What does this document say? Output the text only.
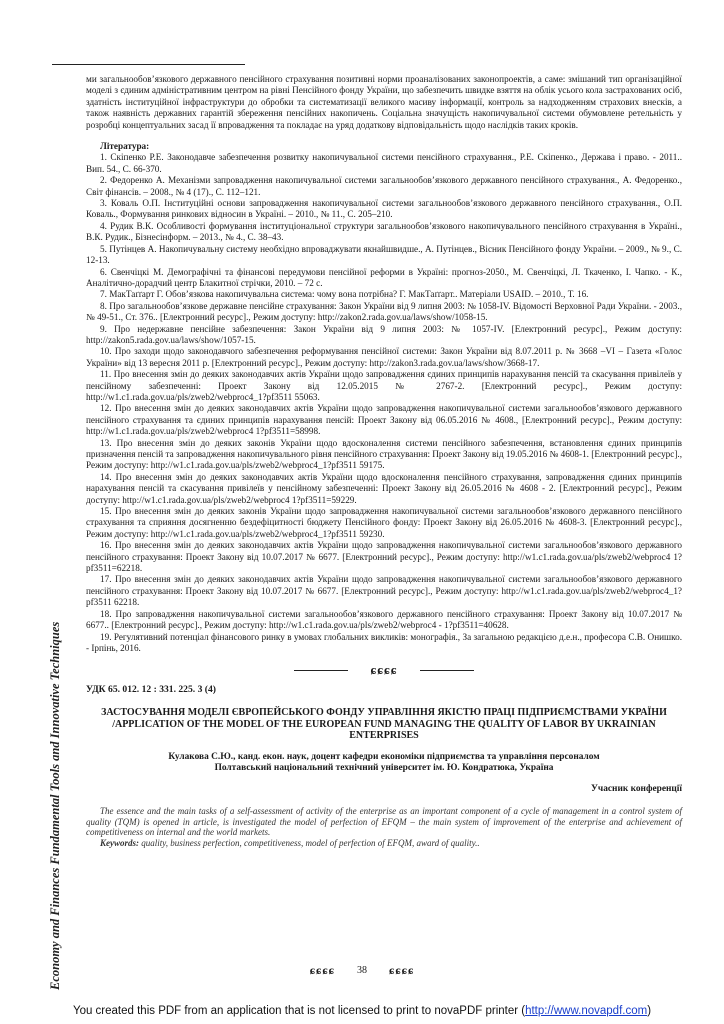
Economy and Finances Fundamental Tools and Innovative Techniques

ми загальнообов’язкового державного пенсійного страхування позитивні норми проаналізованих законопроектів, а саме: змішаний тип організаційної моделі з єдиним адміністративним центром на рівні Пенсійного фонду України, що забезпечить швидке взяття на облік усього кола застрахованих осіб, здатність інституційної інфраструктури до обробки та систематизації великого масиву інформації, контроль за надходженням страхових внесків, а також наявність державних гарантій збереження пенсійних накопичень. Соціальна значущість накопичувальної системи обумовлене ретельність у розробці концептуальних засад її впровадження та покладає на уряд додаткову відповідальність щодо наслідків таких кроків.

Література:

1. Скіпенко Р.Е. Законодавче забезпечення розвитку накопичувальної системи пенсійного страхування., Р.Е. Скіпенко., Держава і право. - 2011.. Вип. 54., С. 66-370.
2. Федоренко А. Механізми запровадження накопичувальної системи загальнообов’язкового державного пенсійного страхування., А. Федоренко., Світ фінансів. – 2008., № 4 (17)., С. 112–121.
3. Коваль О.П. Інституційні основи запровадження накопичувальної системи загальнообов’язкового державного пенсійного страхування., О.П. Коваль., Формування ринкових відносин в Україні. – 2010., № 11., С. 205–210.
4. Рудик В.К. Особливості формування інституціональної структури загальнообов’язкового накопичувального пенсійного страхування в Україні., В.К. Рудик., Бізнесінформ. – 2013., № 4., С. 38–43.
5. Путінцев А. Накопичувальну систему необхідно впроваджувати якнайшвидше., А. Путінцев., Вісник Пенсійного фонду України. – 2009., № 9., С. 12-13.
6. Свенчіцкі М. Демографічні та фінансові передумови пенсійної реформи в Україні: прогноз-2050., М. Свенчіцкі, Л. Ткаченко, І. Чапко. - К., Аналітично-дорадчий центр Блакитної стрічки, 2010. – 72 с.
7. МакТаґґарт Г. Обов’язкова накопичувальна система: чому вона потрібна? Г. МакТаґґарт.. Матеріали USAID. – 2010., Т. 16.
8. Про загальнообов’язкове державне пенсійне страхування: Закон України від 9 липня 2003: № 1058-IV. Відомості Верховної Ради України. - 2003., № 49-51., Ст. 376.. [Електронний ресурс]., Режим доступу: http://zakon2.rada.gov.ua/laws/show/1058-15.
9. Про недержавне пенсійне забезпечення: Закон України від 9 липня 2003: № 1057-IV. [Електронний ресурс]., Режим доступу: http://zakon5.rada.gov.ua/laws/show/1057-15.
10. Про заходи щодо законодавчого забезпечення реформування пенсійної системи: Закон України від 8.07.2011 р. № 3668 –VI – Газета «Голос України» від 13 вересня 2011 р. [Електронний ресурс]., Режим доступу: http://zakon3.rada.gov.ua/laws/show/3668-17.
11. Про внесення змін до деяких законодавчих актів України щодо запровадження єдиних принципів нарахування пенсій та скасування привілеїв у пенсійному забезпеченні: Проект Закону від 12.05.2015 № 2767-2. [Електронний ресурс]., Режим доступу: http://w1.c1.rada.gov.ua/pls/zweb2/webproc4_1?pf3511 55063.
12. Про внесення змін до деяких законодавчих актів України щодо запровадження накопичувальної системи загальнообов’язкового державного пенсійного страхування та єдиних принципів нарахування пенсій: Проект Закону від 06.05.2016 № 4608., [Електронний ресурс]., Режим доступу: http://w1.c1.rada.gov.ua/pls/zweb2/webproc4 1?pf3511=58998.
13. Про внесення змін до деяких законів України щодо вдосконалення системи пенсійного забезпечення, встановлення єдиних принципів призначення пенсій та запровадження накопичувального рівня пенсійного страхування: Проект Закону від 19.05.2016 № 4608-1. [Електронний ресурс]., Режим доступу: http://w1.c1.rada.gov.ua/pls/zweb2/webproc4_1?pf3511 59175.
14. Про внесення змін до деяких законодавчих актів України щодо вдосконалення пенсійного страхування, запровадження єдиних принципів нарахування пенсій та скасування привілеїв у пенсійному забезпеченні: Проект Закону від 26.05.2016 № 4608 - 2. [Електронний ресурс]., Режим доступу: http://w1.c1.rada.gov.ua/pls/zweb2/webproc4 1?pf3511=59229.
15. Про внесення змін до деяких законів України щодо запровадження накопичувальної системи загальнообов’язкового державного пенсійного страхування та сприяння досягненню бездефіцитності бюджету Пенсійного фонду: Проект Закону від 26.05.2016 № 4608-3. [Електронний ресурс]., Режим доступу: http://w1.c1.rada.gov.ua/pls/zweb2/webproc4_1?pf3511 59230.
16. Про внесення змін до деяких законодавчих актів України щодо запровадження накопичувальної системи загальнообов’язкового державного пенсійного страхування: Проект Закону від 10.07.2017 № 6677. [Електронний ресурс]., Режим доступу: http://w1.c1.rada.gov.ua/pls/zweb2/webproc4 1?pf3511=62218.
17. Про внесення змін до деяких законодавчих актів України щодо запровадження накопичувальної системи загальнообов’язкового державного пенсійного страхування: Проект Закону від 10.07.2017 № 6677. [Електронний ресурс]., Режим доступу: http://w1.c1.rada.gov.ua/pls/zweb2/webproc4_1?pf3511 62218.
18. Про запровадження накопичувальної системи загальнообов’язкового державного пенсійного страхування: Проект Закону від 10.07.2017 № 6677.. [Електронний ресурс]., Режим доступу: http://w1.c1.rada.gov.ua/pls/zweb2/webproc4 - 1?pf3511=40628.
19. Регулятивний потенціал фінансового ринку в умовах глобальних викликів: монографія., За загальною редакцією д.е.н., професора С.В. Онишко. - Ірпінь, 2016.
ɕɕɕɕ

УДК 65. 012. 12 : 331. 225. 3 (4)

ЗАСТОСУВАННЯ МОДЕЛІ ЄВРОПЕЙСЬКОГО ФОНДУ УПРАВЛІННЯ ЯКІСТЮ ПРАЦІ ПІДПРИЄМСТВАМИ УКРАЇНИ /APPLICATION OF THE MODEL OF THE EUROPEAN FUND MANAGING THE QUALITY OF LABOR BY UKRAINIAN ENTERPRISES

Кулакова С.Ю., канд. екон. наук, доцент кафедри економіки підприємства та управління персоналом
Полтавський національний технічний університет ім. Ю. Кондратюка, Україна

Учасник конференції

The essence and the main tasks of a self-assessment of activity of the enterprise as an important component of a cycle of management in a control system of quality (TQM) is opened in article, is investigated the model of perfection of EFQM – the main system of improvement of the enterprise and achievement of competitiveness on internal and the world markets.

Keywords: quality, business perfection, competitiveness, model of perfection of EFQM, award of quality..

ɕɕɕɕ 38 ɕɕɕɕ
You created this PDF from an application that is not licensed to print to novaPDF printer (http://www.novapdf.com)
